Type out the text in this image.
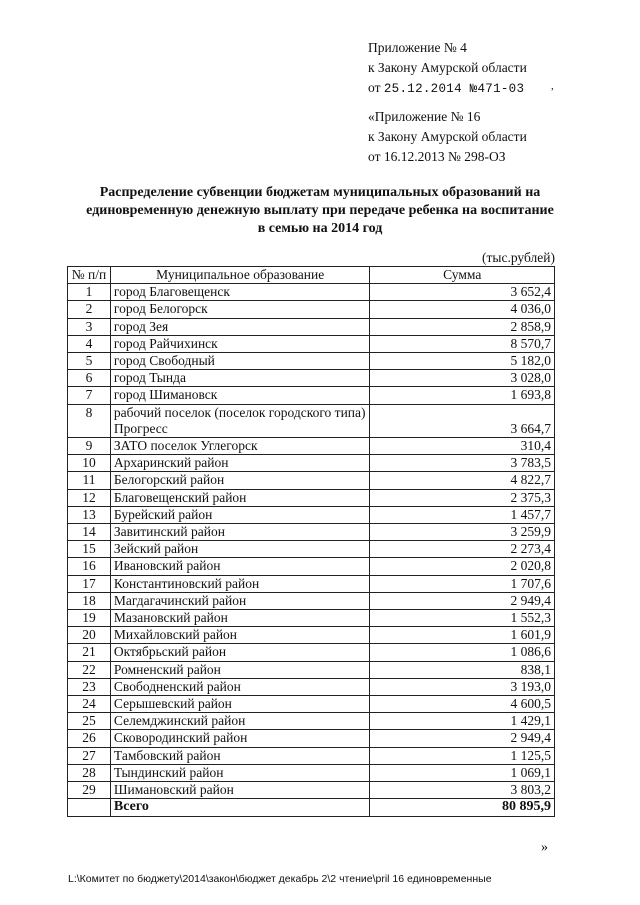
Приложение № 4
к Закону Амурской области
от 25.12.2014 №471-03 ,
«Приложение № 16
к Закону Амурской области
от 16.12.2013 № 298-ОЗ
Распределение субвенции бюджетам муниципальных образований на
единовременную денежную выплату при передаче ребенка на воспитание
в семью на 2014 год
(тыс.рублей)
№ п/п	Муниципальное образование	Сумма
1	город Благовещенск	3 652,4
2	город Белогорск	4 036,0
3	город Зея	2 858,9
4	город Райчихинск	8 570,7
5	город Свободный	5 182,0
6	город Тында	3 028,0
7	город Шимановск	1 693,8
8	рабочий поселок (поселок городского типа) Прогресс	3 664,7
9	ЗАТО поселок Углегорск	310,4
10	Архаринский район	3 783,5
11	Белогорский район	4 822,7
12	Благовещенский район	2 375,3
13	Бурейский район	1 457,7
14	Завитинский район	3 259,9
15	Зейский район	2 273,4
16	Ивановский район	2 020,8
17	Константиновский район	1 707,6
18	Магдагачинский район	2 949,4
19	Мазановский район	1 552,3
20	Михайловский район	1 601,9
21	Октябрьский район	1 086,6
22	Ромненский район	838,1
23	Свободненский район	3 193,0
24	Серышевский район	4 600,5
25	Селемджинский район	1 429,1
26	Сковородинский район	2 949,4
27	Тамбовский район	1 125,5
28	Тындинский район	1 069,1
29	Шимановский район	3 803,2
	Всего	80 895,9
»
L:\Комитет по бюджету\2014\закон\бюджет декабрь 2\2 чтение\pril 16 единовременные
